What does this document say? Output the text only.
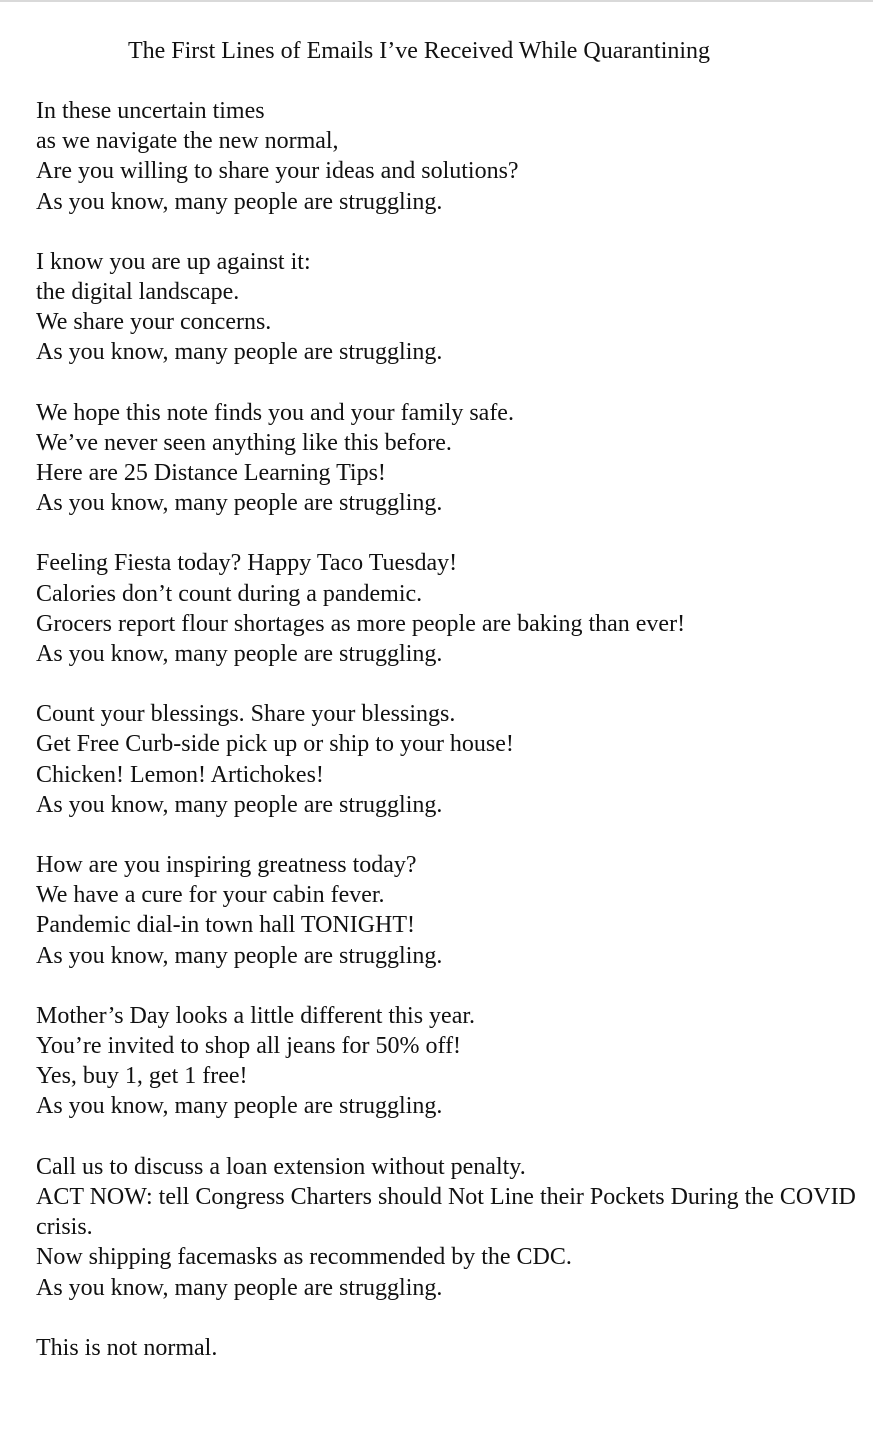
The First Lines of Emails I’ve Received While Quarantining
In these uncertain times
as we navigate the new normal,
Are you willing to share your ideas and solutions?
As you know, many people are struggling.
I know you are up against it:
the digital landscape.
We share your concerns.
As you know, many people are struggling.
We hope this note finds you and your family safe.
We’ve never seen anything like this before.
Here are 25 Distance Learning Tips!
As you know, many people are struggling.
Feeling Fiesta today? Happy Taco Tuesday!
Calories don’t count during a pandemic.
Grocers report flour shortages as more people are baking than ever!
As you know, many people are struggling.
Count your blessings. Share your blessings.
Get Free Curb-side pick up or ship to your house!
Chicken! Lemon! Artichokes!
As you know, many people are struggling.
How are you inspiring greatness today?
We have a cure for your cabin fever.
Pandemic dial-in town hall TONIGHT!
As you know, many people are struggling.
Mother’s Day looks a little different this year.
You’re invited to shop all jeans for 50% off!
Yes, buy 1, get 1 free!
As you know, many people are struggling.
Call us to discuss a loan extension without penalty.
ACT NOW: tell Congress Charters should Not Line their Pockets During the COVID crisis.
Now shipping facemasks as recommended by the CDC.
As you know, many people are struggling.
This is not normal.
